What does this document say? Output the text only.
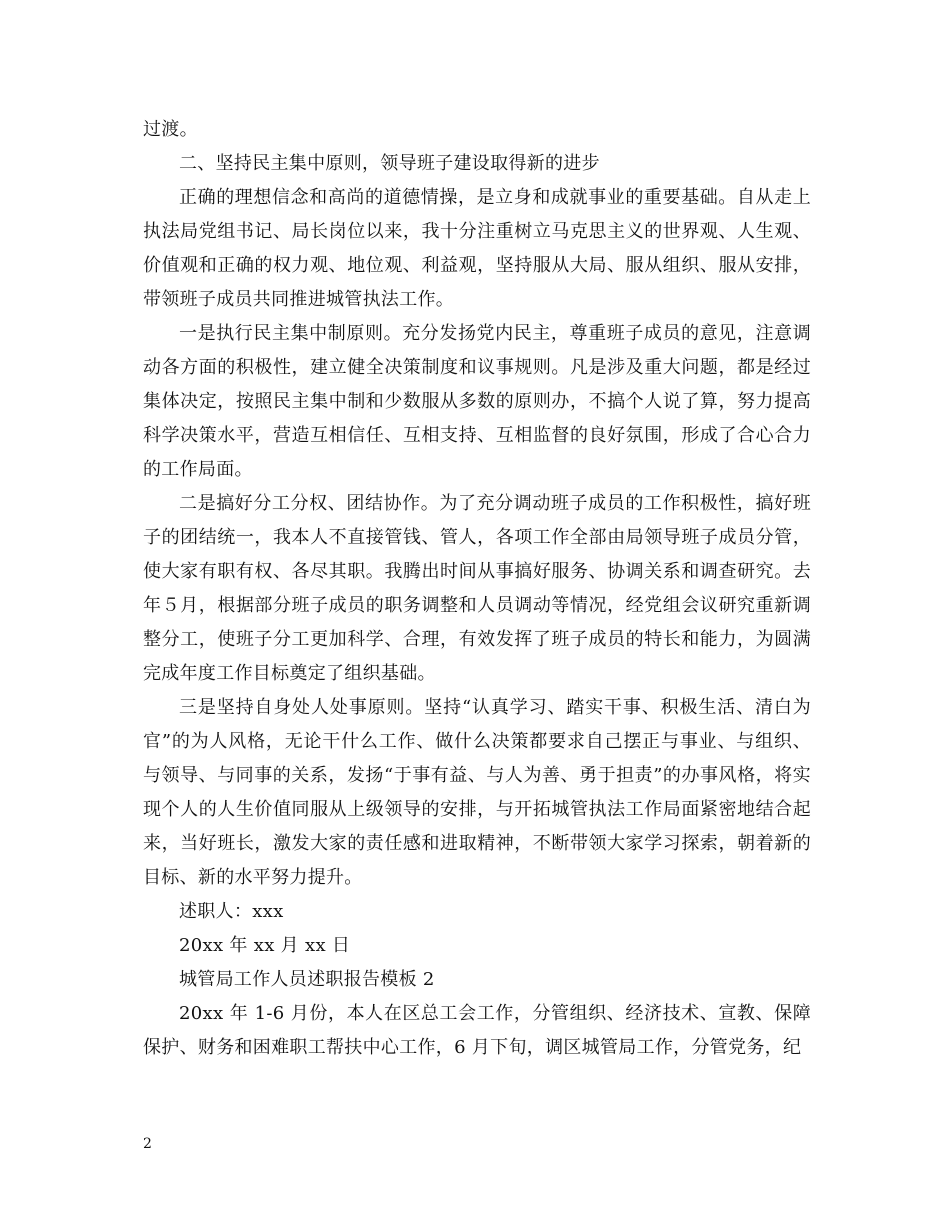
过渡。

二、坚持民主集中原则，领导班子建设取得新的进步

正确的理想信念和高尚的道德情操，是立身和成就事业的重要基础。自从走上执法局党组书记、局长岗位以来，我十分注重树立马克思主义的世界观、人生观、价值观和正确的权力观、地位观、利益观，坚持服从大局、服从组织、服从安排，带领班子成员共同推进城管执法工作。

一是执行民主集中制原则。充分发扬党内民主，尊重班子成员的意见，注意调动各方面的积极性，建立健全决策制度和议事规则。凡是涉及重大问题，都是经过集体决定，按照民主集中制和少数服从多数的原则办，不搞个人说了算，努力提高科学决策水平，营造互相信任、互相支持、互相监督的良好氛围，形成了合心合力的工作局面。

二是搞好分工分权、团结协作。为了充分调动班子成员的工作积极性，搞好班子的团结统一，我本人不直接管钱、管人，各项工作全部由局领导班子成员分管，使大家有职有权、各尽其职。我腾出时间从事搞好服务、协调关系和调查研究。去年５月，根据部分班子成员的职务调整和人员调动等情况，经党组会议研究重新调整分工，使班子分工更加科学、合理，有效发挥了班子成员的特长和能力，为圆满完成年度工作目标奠定了组织基础。

三是坚持自身处人处事原则。坚持“认真学习、踏实干事、积极生活、清白为官”的为人风格，无论干什么工作、做什么决策都要求自己摆正与事业、与组织、与领导、与同事的关系，发扬“于事有益、与人为善、勇于担责”的办事风格，将实现个人的人生价值同服从上级领导的安排，与开拓城管执法工作局面紧密地结合起来，当好班长，激发大家的责任感和进取精神，不断带领大家学习探索，朝着新的目标、新的水平努力提升。

述职人：xxx

20xx 年 xx 月 xx 日

城管局工作人员述职报告模板 2

20xx 年 1-6 月份，本人在区总工会工作，分管组织、经济技术、宣教、保障保护、财务和困难职工帮扶中心工作，6 月下旬，调区城管局工作，分管党务，纪

2
